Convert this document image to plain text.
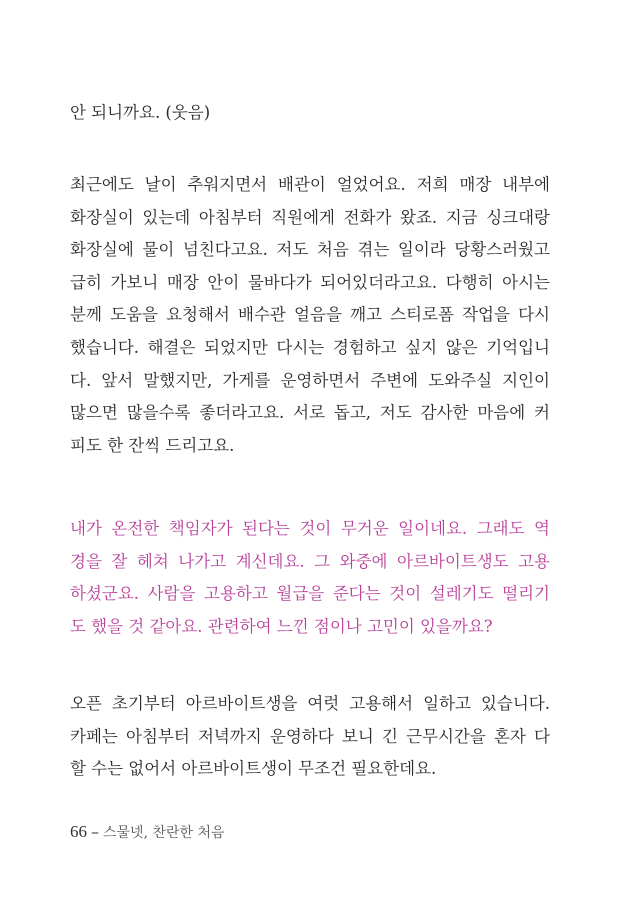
안 되니까요. (웃음)
최근에도 날이 추워지면서 배관이 얼었어요. 저희 매장 내부에
화장실이 있는데 아침부터 직원에게 전화가 왔죠. 지금 싱크대랑
화장실에 물이 넘친다고요. 저도 처음 겪는 일이라 당황스러웠고
급히 가보니 매장 안이 물바다가 되어있더라고요. 다행히 아시는
분께 도움을 요청해서 배수관 얼음을 깨고 스티로폼 작업을 다시
했습니다. 해결은 되었지만 다시는 경험하고 싶지 않은 기억입니
다. 앞서 말했지만, 가게를 운영하면서 주변에 도와주실 지인이
많으면 많을수록 좋더라고요. 서로 돕고, 저도 감사한 마음에 커
피도 한 잔씩 드리고요.
내가 온전한 책임자가 된다는 것이 무거운 일이네요. 그래도 역
경을 잘 헤쳐 나가고 계신데요. 그 와중에 아르바이트생도 고용
하셨군요. 사람을 고용하고 월급을 준다는 것이 설레기도 떨리기
도 했을 것 같아요. 관련하여 느낀 점이나 고민이 있을까요?
오픈 초기부터 아르바이트생을 여럿 고용해서 일하고 있습니다.
카페는 아침부터 저녁까지 운영하다 보니 긴 근무시간을 혼자 다
할 수는 없어서 아르바이트생이 무조건 필요한데요.
66 – 스물넷, 찬란한 처음
